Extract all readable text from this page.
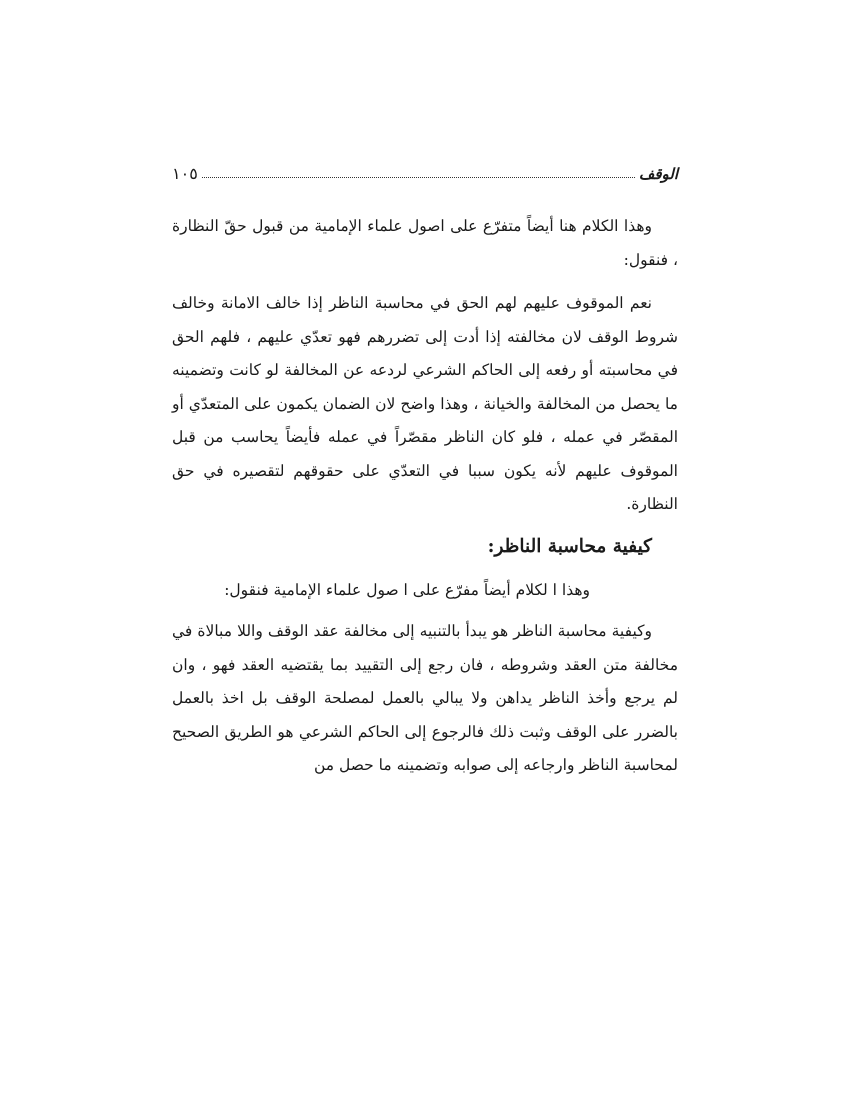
الوقف
١٠٥

وهذا الكلام هنا أيضاً متفرّع على اصول علماء الإمامية من قبول حقّ النظارة ، فنقول:

نعم الموقوف عليهم لهم الحق في محاسبة الناظر إذا خالف الامانة وخالف شروط الوقف لان مخالفته إذا أدت إلى تضررهم فهو تعدّي عليهم ، فلهم الحق في محاسبته أو رفعه إلى الحاكم الشرعي لردعه عن المخالفة لو كانت وتضمينه ما يحصل من المخالفة والخيانة ، وهذا واضح لان الضمان يكمون على المتعدّي أو المقصّر في عمله ، فلو كان الناظر مقصّراً في عمله فأيضاً يحاسب من قبل الموقوف عليهم لأنه يكون سببا في التعدّي على حقوقهم لتقصيره في حق النظارة.

كيفية محاسبة الناظر:

وهذا ا لكلام أيضاً مفرّع على ا صول علماء الإمامية فنقول:

وكيفية محاسبة الناظر هو يبدأ بالتنبيه إلى مخالفة عقد الوقف واللا مبالاة في مخالفة متن العقد وشروطه ، فان رجع إلى التقييد بما يقتضيه العقد فهو ، وان لم يرجع وأخذ الناظر يداهن ولا يبالي بالعمل لمصلحة الوقف بل اخذ بالعمل بالضرر على الوقف وثبت ذلك فالرجوع إلى الحاكم الشرعي هو الطريق الصحيح لمحاسبة الناظر وارجاعه إلى صوابه وتضمينه ما حصل من
